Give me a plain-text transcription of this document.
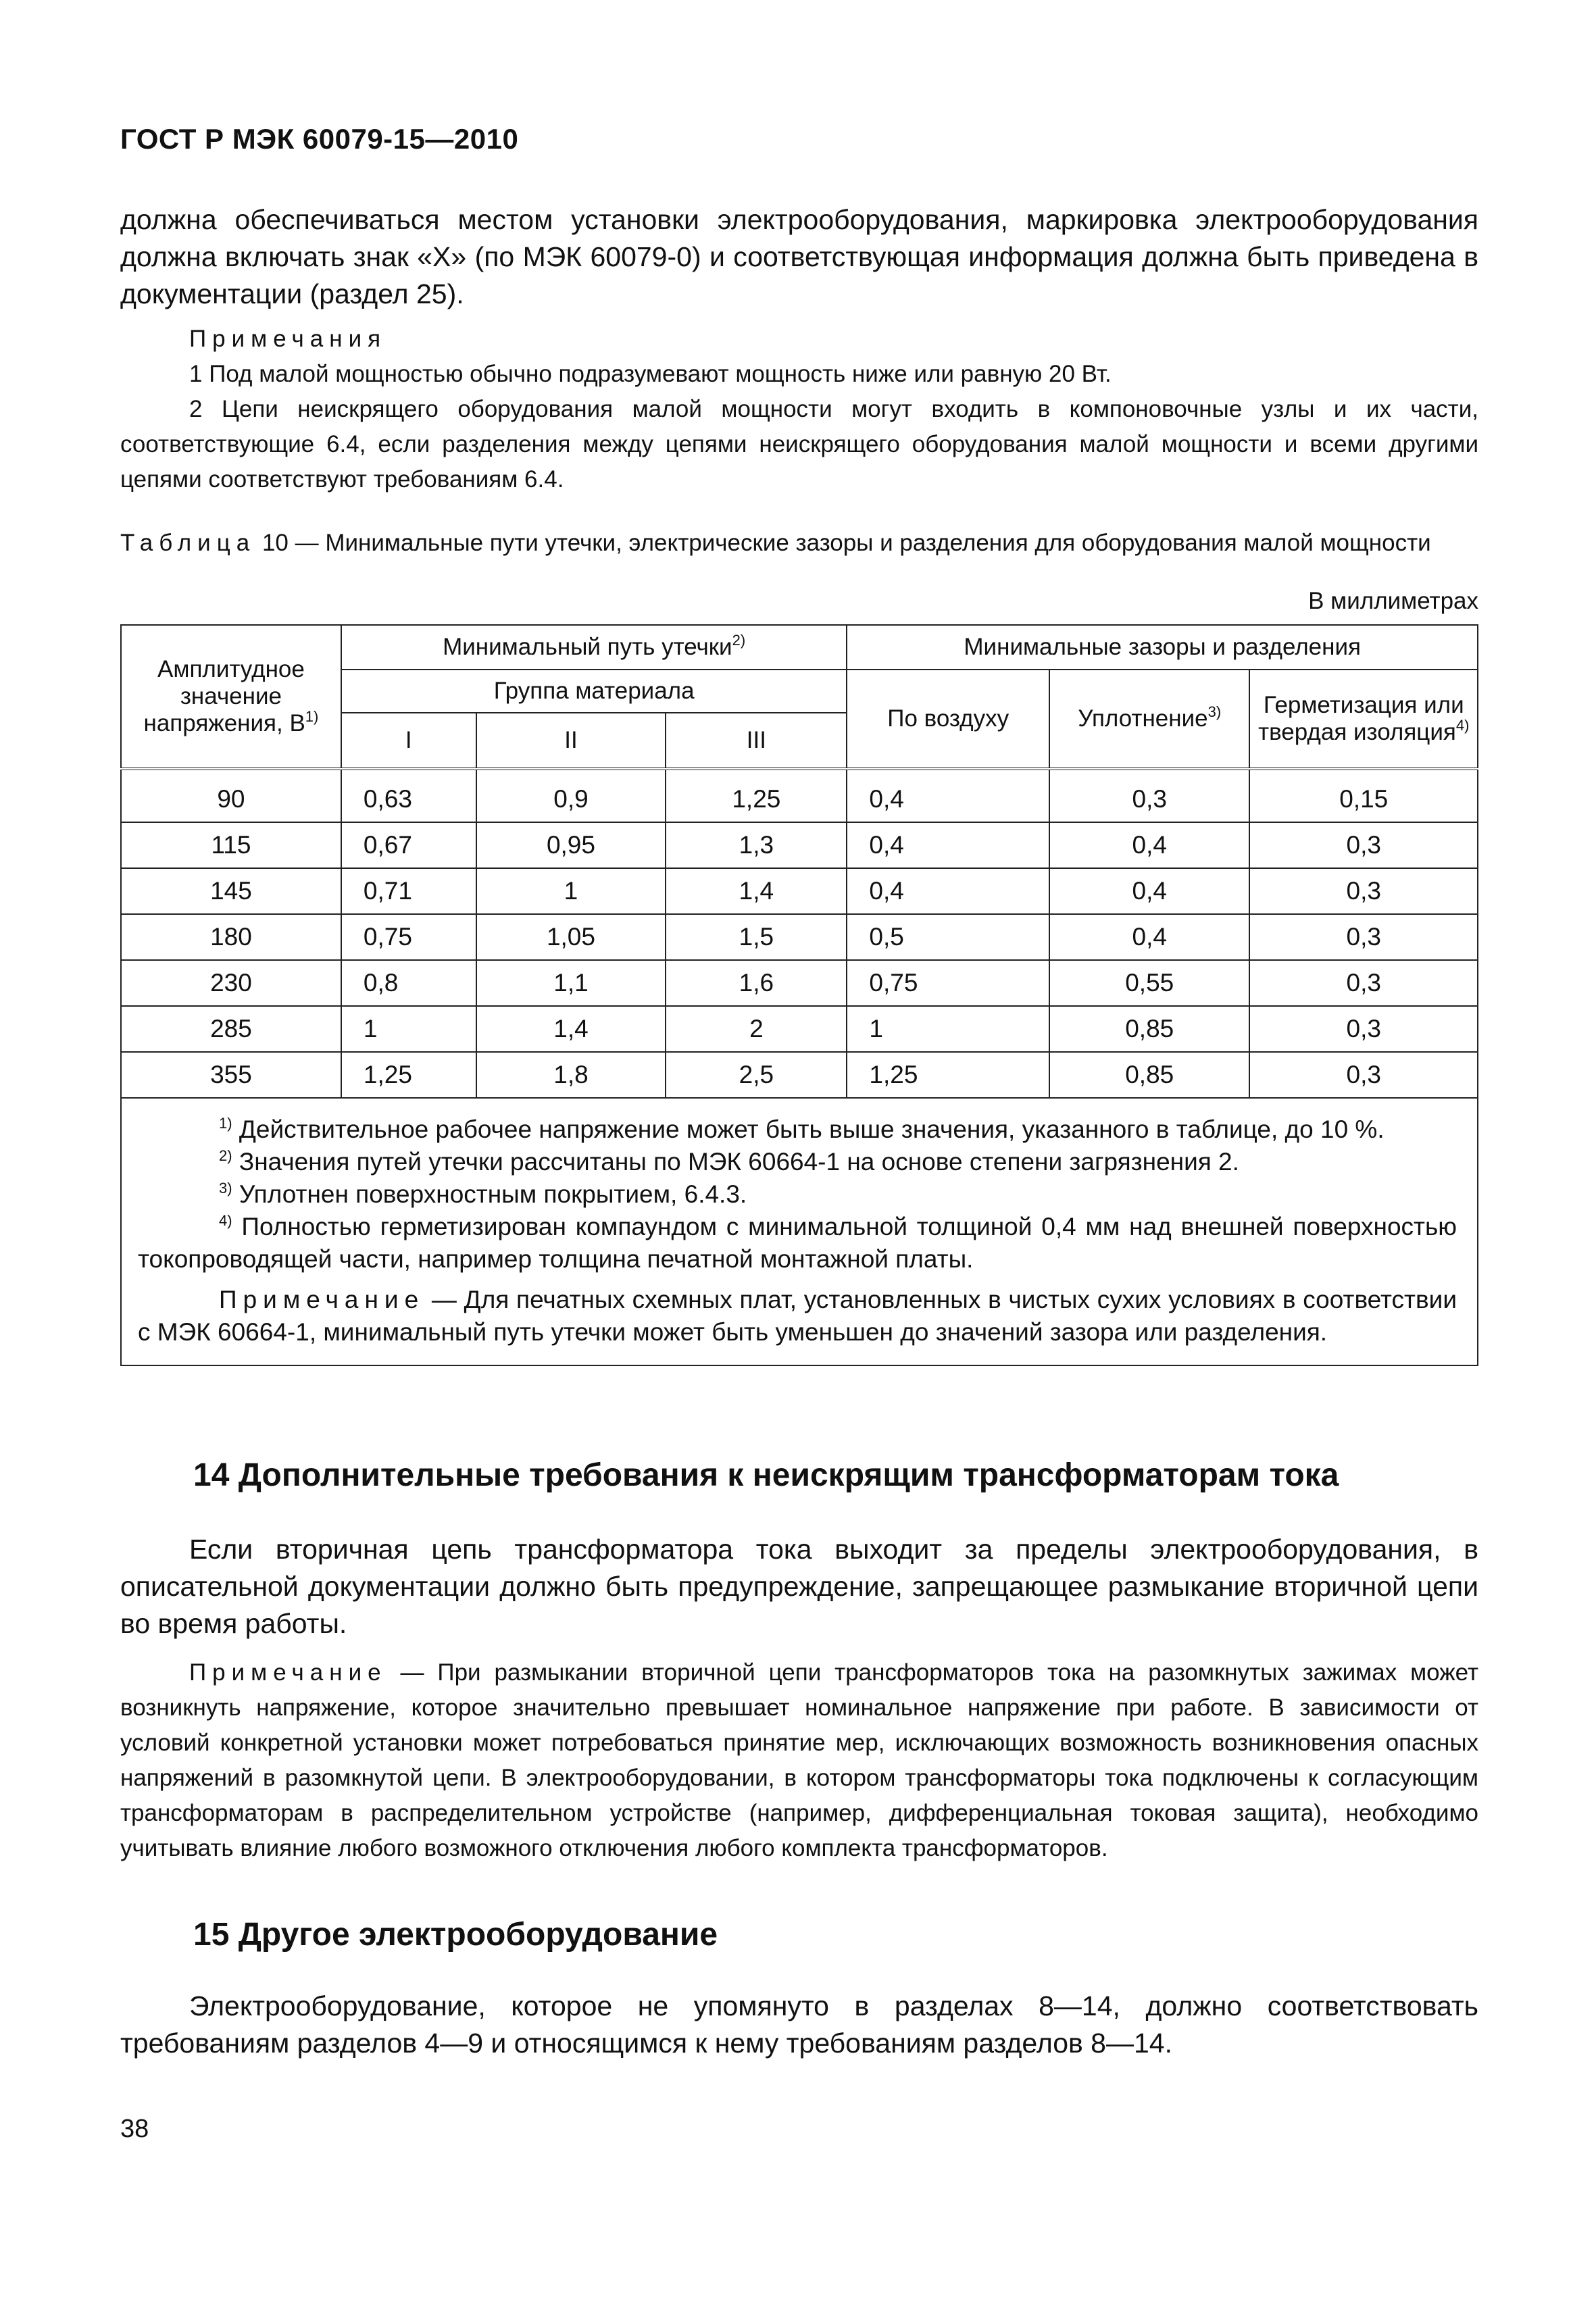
ГОСТ Р МЭК 60079-15—2010

должна обеспечиваться местом установки электрооборудования, маркировка электрооборудования должна включать знак «Х» (по МЭК 60079-0) и соответствующая информация должна быть приведена в документации (раздел 25).

Примечания

1 Под малой мощностью обычно подразумевают мощность ниже или равную 20 Вт.

2 Цепи неискрящего оборудования малой мощности могут входить в компоновочные узлы и их части, соответствующие 6.4, если разделения между цепями неискрящего оборудования малой мощности и всеми другими цепями соответствуют требованиям 6.4.

Таблица 10 — Минимальные пути утечки, электрические зазоры и разделения для оборудования малой мощности

В миллиметрах
Амплитудное значение напряжения, $В^{1)}$	Минимальный путь утечки$^{2)}$			Минимальные зазоры и разделения		
	Группа материала			По воздуху	Уплотнение$^{3)}$	Герметизация или твердая изоляция$^{4)}$
	I	II	III			
90	0,63	0,9	1,25	0,4	0,3	0,15
115	0,67	0,95	1,3	0,4	0,4	0,3
145	0,71	1	1,4	0,4	0,4	0,3
180	0,75	1,05	1,5	0,5	0,4	0,3
230	0,8	1,1	1,6	0,75	0,55	0,3
285	1	1,4	2	1	0,85	0,3
355	1,25	1,8	2,5	1,25	0,85	0,3

$^{1)}$ Действительное рабочее напряжение может быть выше значения, указанного в таблице, до 10 %.
$^{2)}$ Значения путей утечки рассчитаны по МЭК 60664-1 на основе степени загрязнения 2.
$^{3)}$ Уплотнен поверхностным покрытием, 6.4.3.
$^{4)}$ Полностью герметизирован компаундом с минимальной толщиной 0,4 мм над внешней поверхностью токопроводящей части, например толщина печатной монтажной платы.
Примечание — Для печатных схемных плат, установленных в чистых сухих условиях в соответствии с МЭК 60664-1, минимальный путь утечки может быть уменьшен до значений зазора или разделения.						
14 Дополнительные требования к неискрящим трансформаторам тока

Если вторичная цепь трансформатора тока выходит за пределы электрооборудования, в описательной документации должно быть предупреждение, запрещающее размыкание вторичной цепи во время работы.

Примечание — При размыкании вторичной цепи трансформаторов тока на разомкнутых зажимах может возникнуть напряжение, которое значительно превышает номинальное напряжение при работе. В зависимости от условий конкретной установки может потребоваться принятие мер, исключающих возможность возникновения опасных напряжений в разомкнутой цепи. В электрооборудовании, в котором трансформаторы тока подключены к согласующим трансформаторам в распределительном устройстве (например, дифференциальная токовая защита), необходимо учитывать влияние любого возможного отключения любого комплекта трансформаторов.

15 Другое электрооборудование

Электрооборудование, которое не упомянуто в разделах 8—14, должно соответствовать требованиям разделов 4—9 и относящимся к нему требованиям разделов 8—14.

38
